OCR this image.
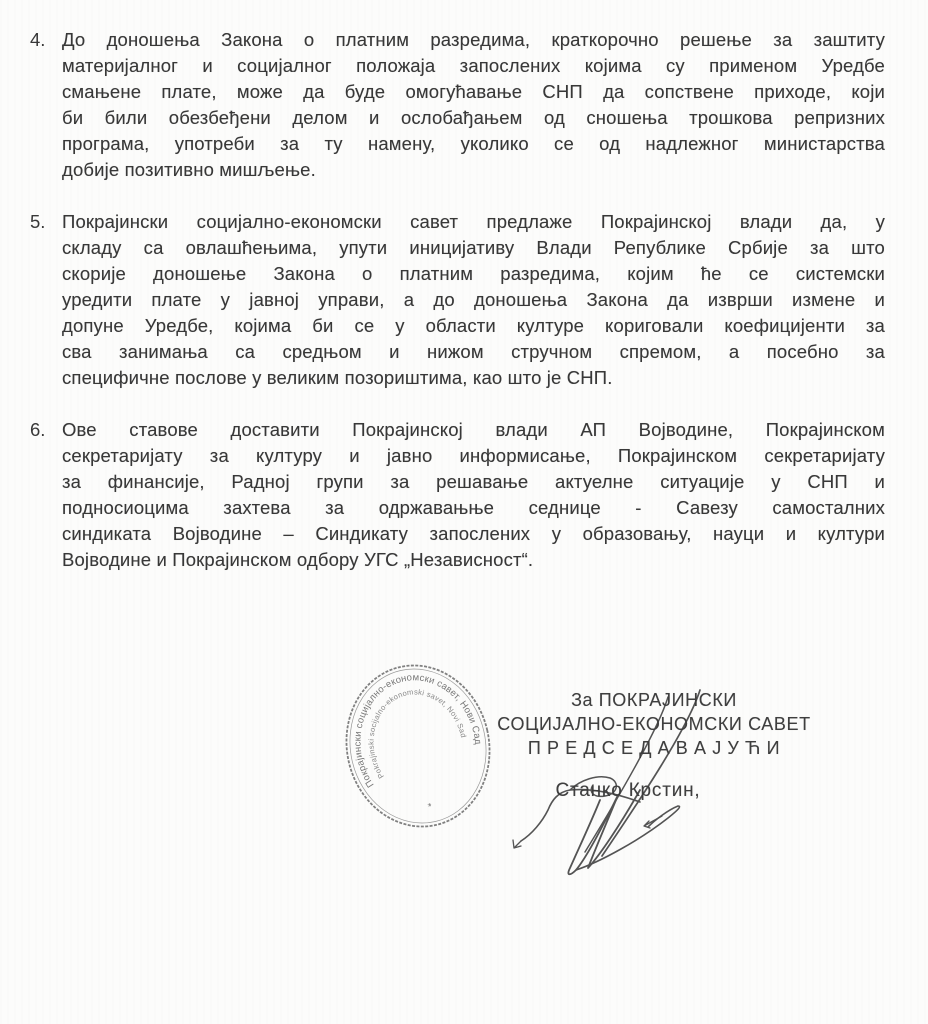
4. До доношења Закона о платним разредима, краткорочно решење за заштиту
материјалног и социјалног положаја запослених којима су применом Уредбе
смањене плате, може да буде омогућавање СНП да сопствене приходе, који
би били обезбеђени делом и ослобађањем од сношења трошкова репризних
програма, употреби за ту намену, уколико се од надлежног министарства
добије позитивно мишљење.
5. Покрајински социјално-економски савет предлаже Покрајинској влади да, у
складу са овлашћењима, упути иницијативу Влади Републике Србије за што
скорије доношење Закона о платним разредима, којим ће се системски
уредити плате у јавној управи, а до доношења Закона да изврши измене и
допуне Уредбе, којима би се у области културе кориговали коефицијенти за
сва занимања са средњом и нижом стручном спремом, а посебно за
специфичне послове у великим позориштима, као што је СНП.
6. Ове ставове доставити Покрајинској влади АП Војводине, Покрајинском
секретаријату за културу и јавно информисање, Покрајинском секретаријату
за финансије, Радној групи за решавање актуелне ситуације у СНП и
подносиоцима захтева за одржавањње седнице - Савезу самосталних
синдиката Војводине – Синдикату запослених у образовању, науци и култури
Војводине и Покрајинском одбору УГС „Независност“.
Покрајински социјално-економски савет, Нови Сад
Pokrajinski socijalno-ekonomski savet, Novi Sad
*
За ПОКРАЈИНСКИ
СОЦИЈАЛНО-ЕКОНОМСКИ САВЕТ
П Р Е Д С Е Д А В А Ј У Ћ И
Станко Крстин,
